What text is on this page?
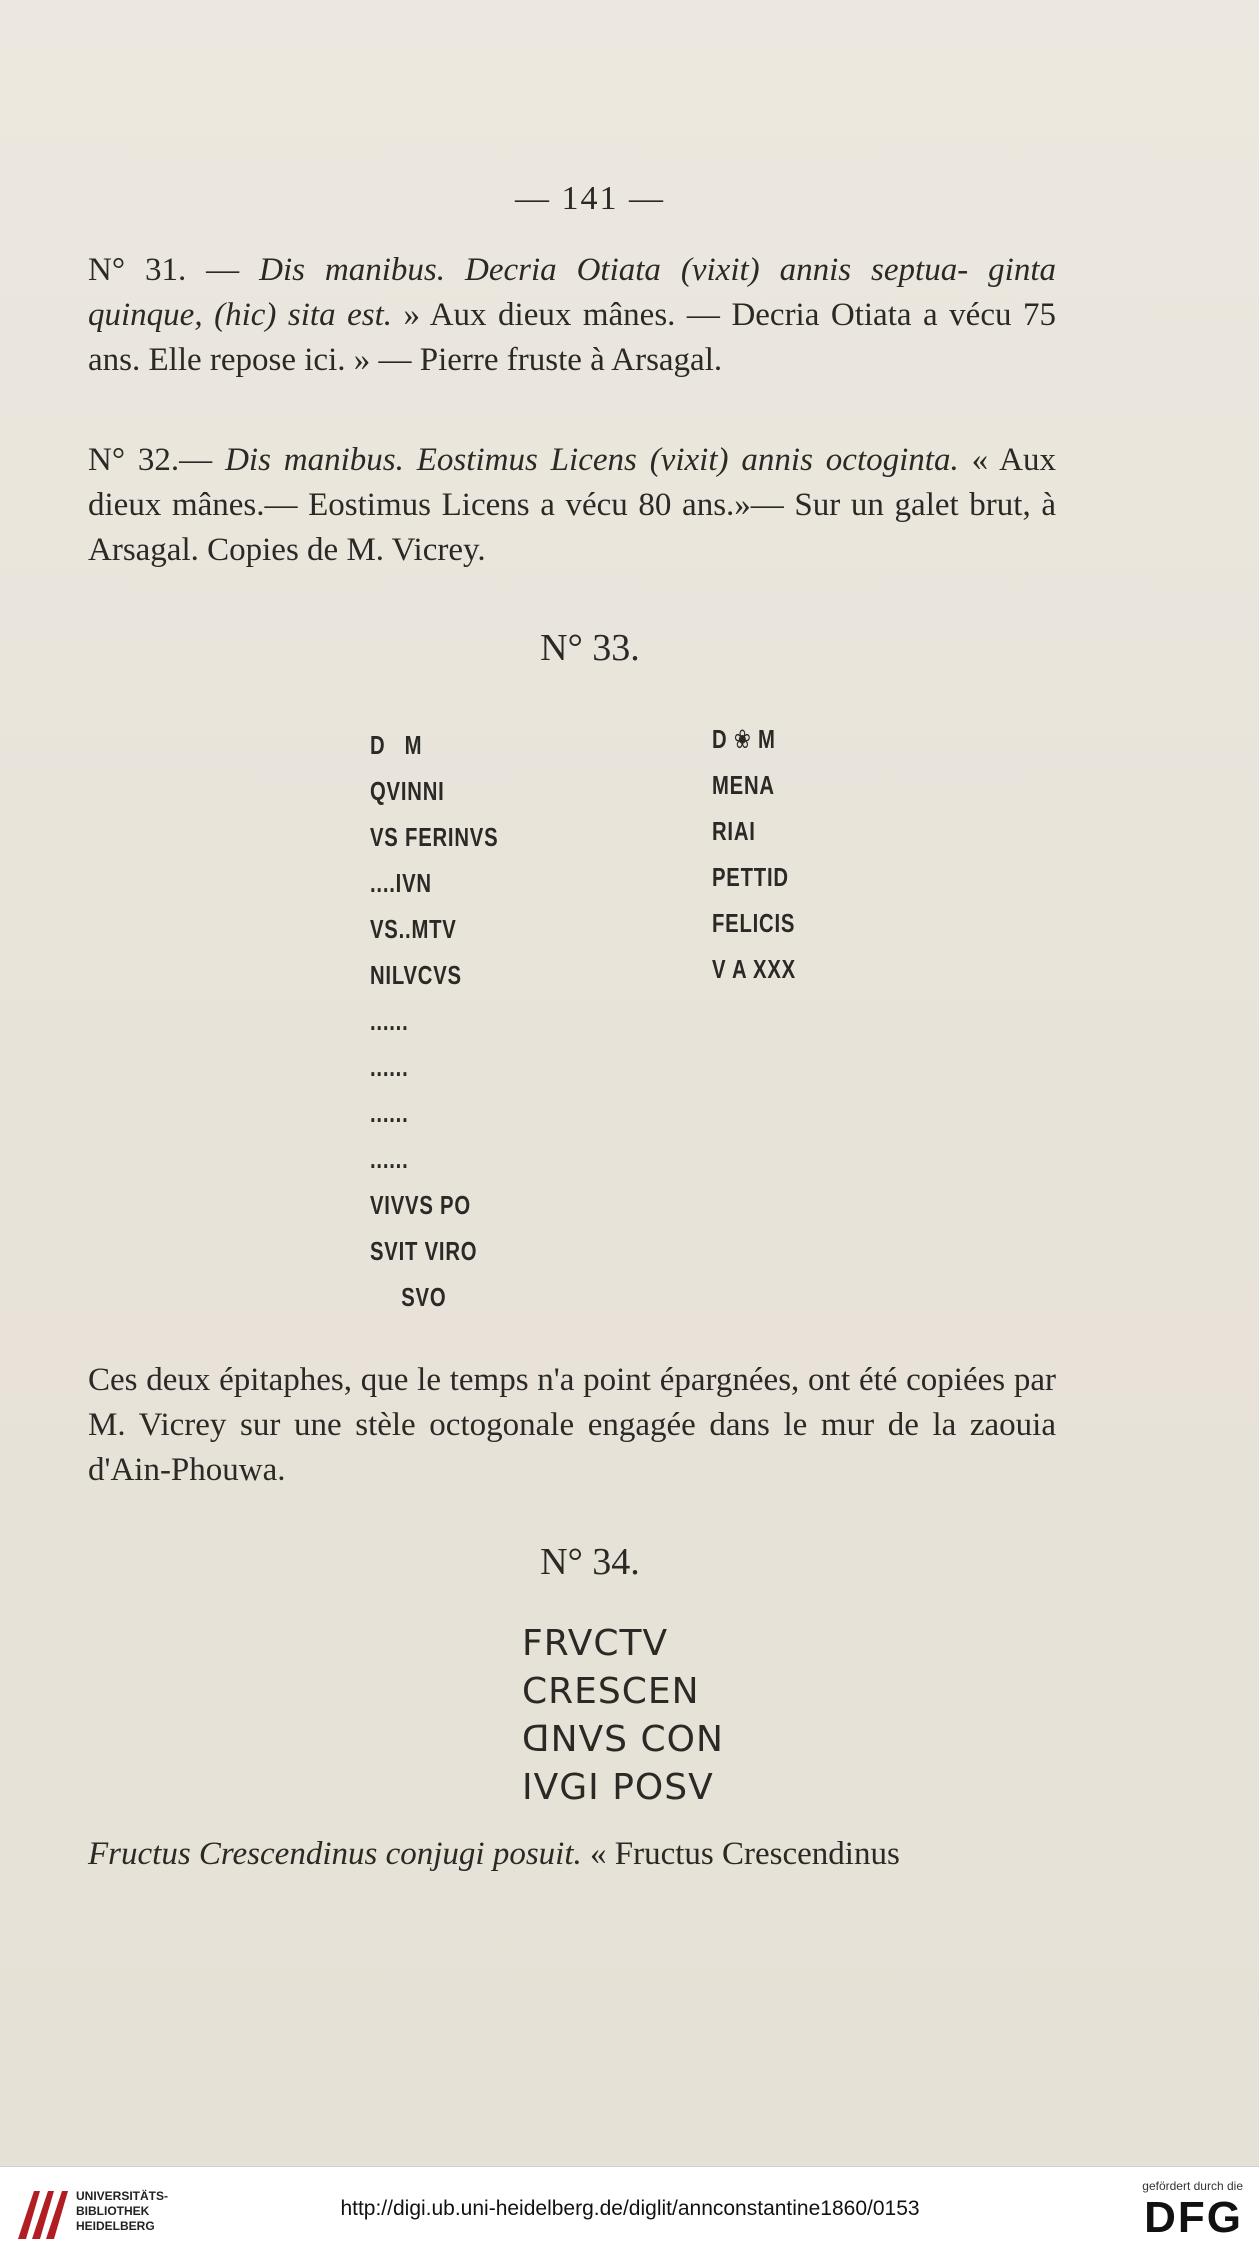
— 141 —
N° 31. — Dis manibus. Decria Otiata (vixit) annis septua- ginta quinque, (hic) sita est. » Aux dieux mânes. — Decria Otiata a vécu 75 ans. Elle repose ici. » — Pierre fruste à Arsagal.
N° 32.— Dis manibus. Eostimus Licens (vixit) annis octoginta. « Aux dieux mânes.— Eostimus Licens a vécu 80 ans.»— Sur un galet brut, à Arsagal. Copies de M. Vicrey.
N° 33.
D   M
QVINNI
VS FERINVS
....IVN
VS..MTV
NILVCVS
......
......
......
......
VIVVS PO
SVIT VIRO
SVO
D ❀ M
MENA
RIAI
PETTID
FELICIS
V A XXX
Ces deux épitaphes, que le temps n'a point épargnées, ont été copiées par M. Vicrey sur une stèle octogonale engagée dans le mur de la zaouia d'Ain-Phouwa.
N° 34.
FRVCTV
CRESCEN
ꓷNVS CON
IVGI POSV
Fructus Crescendinus conjugi posuit. « Fructus Crescendinus
UNIVERSITÄTS-
BIBLIOTHEK
HEIDELBERG
http://digi.ub.uni-heidelberg.de/diglit/annconstantine1860/0153
gefördert durch die
DFG
